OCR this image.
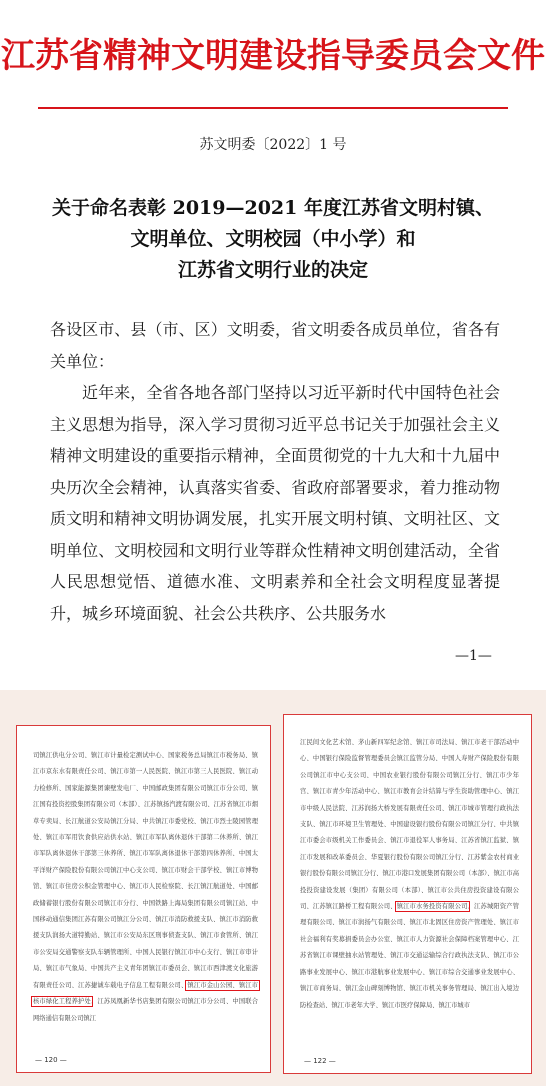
江苏省精神文明建设指导委员会文件
苏文明委〔2022〕1 号
关于命名表彰 2019—2021 年度江苏省文明村镇、
文明单位、文明校园（中小学）和
江苏省文明行业的决定

各设区市、县（市、区）文明委，省文明委各成员单位，省各有关单位：

近年来，全省各地各部门坚持以习近平新时代中国特色社会主义思想为指导，深入学习贯彻习近平总书记关于加强社会主义精神文明建设的重要指示精神，全面贯彻党的十九大和十九届中央历次全会精神，认真落实省委、省政府部署要求，着力推动物质文明和精神文明协调发展，扎实开展文明村镇、文明社区、文明单位、文明校园和文明行业等群众性精神文明创建活动，全省人民思想觉悟、道德水准、文明素养和全社会文明程度显著提升，城乡环境面貌、社会公共秩序、公共服务水

—1—
司镇江供电分公司、镇江市计量检定测试中心、国家税务总局镇江市税务局、镇江市京东水有限责任公司、镇江市第一人民医院、镇江市第三人民医院、镇江动力检修所、国家能源集团谏壁发电厂、中国邮政集团有限公司镇江市分公司、镇江国有投资控股集团有限公司（本部）、江苏镇扬汽渡有限公司、江苏省镇江市烟草专卖局、长江航道公安局镇江分局、中共镇江市委党校、镇江市烈士陵园管理处、镇江市军用饮食供应站供水站、镇江市军队离休退休干部第二休养所、镇江市军队离休退休干部第三休养所、镇江市军队离休退休干部第四休养所、中国太平洋财产保险股份有限公司镇江中心支公司、镇江市财会干部学校、镇江市博物馆、镇江市住房公积金管理中心、镇江市人民检察院、长江镇江航道处、中国邮政储蓄银行股份有限公司镇江市分行、中国铁路上海局集团有限公司镇江站、中国移动通信集团江苏有限公司镇江分公司、镇江市消防救援支队、镇江市消防救援支队润扬大道特勤站、镇江市公安局东区刑事侦查支队、镇江市食管所、镇江市公安局交通警察支队车辆管理所、中国人民银行镇江市中心支行、镇江市审计局、镇江市气象局、中国共产主义青年团镇江市委员会、镇江市西津渡文化旅游有限责任公司、江苏捷诚车载电子信息工程有限公司、镇江市金山公园、镇江市核市绿化工程养护处、江苏凤凰新华书店集团有限公司镇江市分公司、中国联合网络通信有限公司镇江
— 120 —
江民间文化艺术馆、茅山新四军纪念馆、镇江市司法局、镇江市老干部活动中心、中国银行保险监督管理委员会镇江监管分局、中国人寿财产保险股份有限公司镇江市中心支公司、中国农业银行股份有限公司镇江分行、镇江市少年宫、镇江市青少年活动中心、镇江市教育会计结算与学生资助管理中心、镇江市中级人民法院、江苏润扬大桥发展有限责任公司、镇江市城市管理行政执法支队、镇江市环境卫生管理处、中国建设银行股份有限公司镇江分行、中共镇江市委会市级机关工作委员会、镇江市退役军人事务局、江苏省镇江监狱、镇江市发展和改革委员会、华夏银行股份有限公司镇江分行、江苏紫金农村商业银行股份有限公司镇江分行、镇江市港口发展集团有限公司（本部）、镇江市高投投资建设发展（集团）有限公司（本部）、镇江市公共住房投资建设有限公司、江苏镇江路桥工程有限公司、镇江市水务投资有限公司、江苏城阳资产管理有限公司、镇江市润扬气有限公司、镇江市北固区住房资产管理处、镇江市社会福利有奖募捐委员会办公室、镇江市人力资源社会保障档案管理中心、江苏省镇江市课壁抽水站管理处、镇江市交通运输综合行政执法支队、镇江市公路事业发展中心、镇江市港航事业发展中心、镇江市综合交通事业发展中心、镇江市商务局、镇江金山碑刻博物馆、镇江市机关事务管理局、镇江出入境边防检查站、镇江市老年大学、镇江市医疗保障局、镇江市城市
— 122 —
